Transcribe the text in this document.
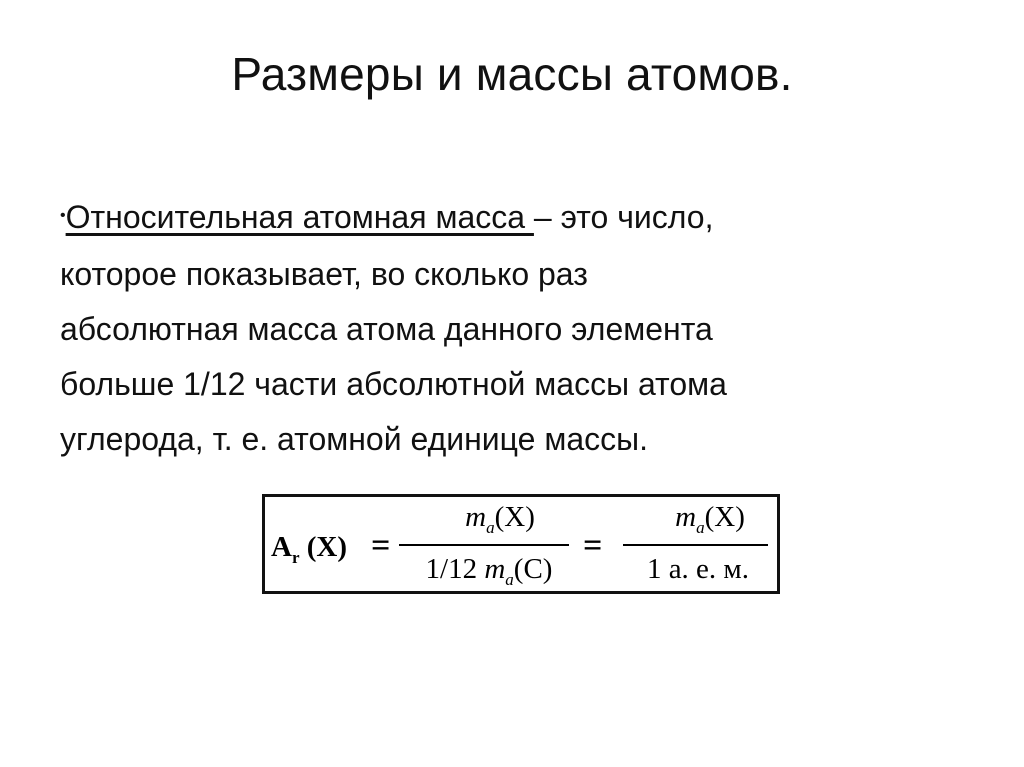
Размеры и массы атомов.
•Относительная атомная масса – это число,
которое показывает, во сколько раз
абсолютная масса атома данного элемента
больше 1/12 части абсолютной массы атома
углерода, т. е. атомной единице массы.
$A_r$ (X) =
$m_a(X)$
1/12 $m_a(C)$
=
$m_a(X)$
1 а. е. м.
